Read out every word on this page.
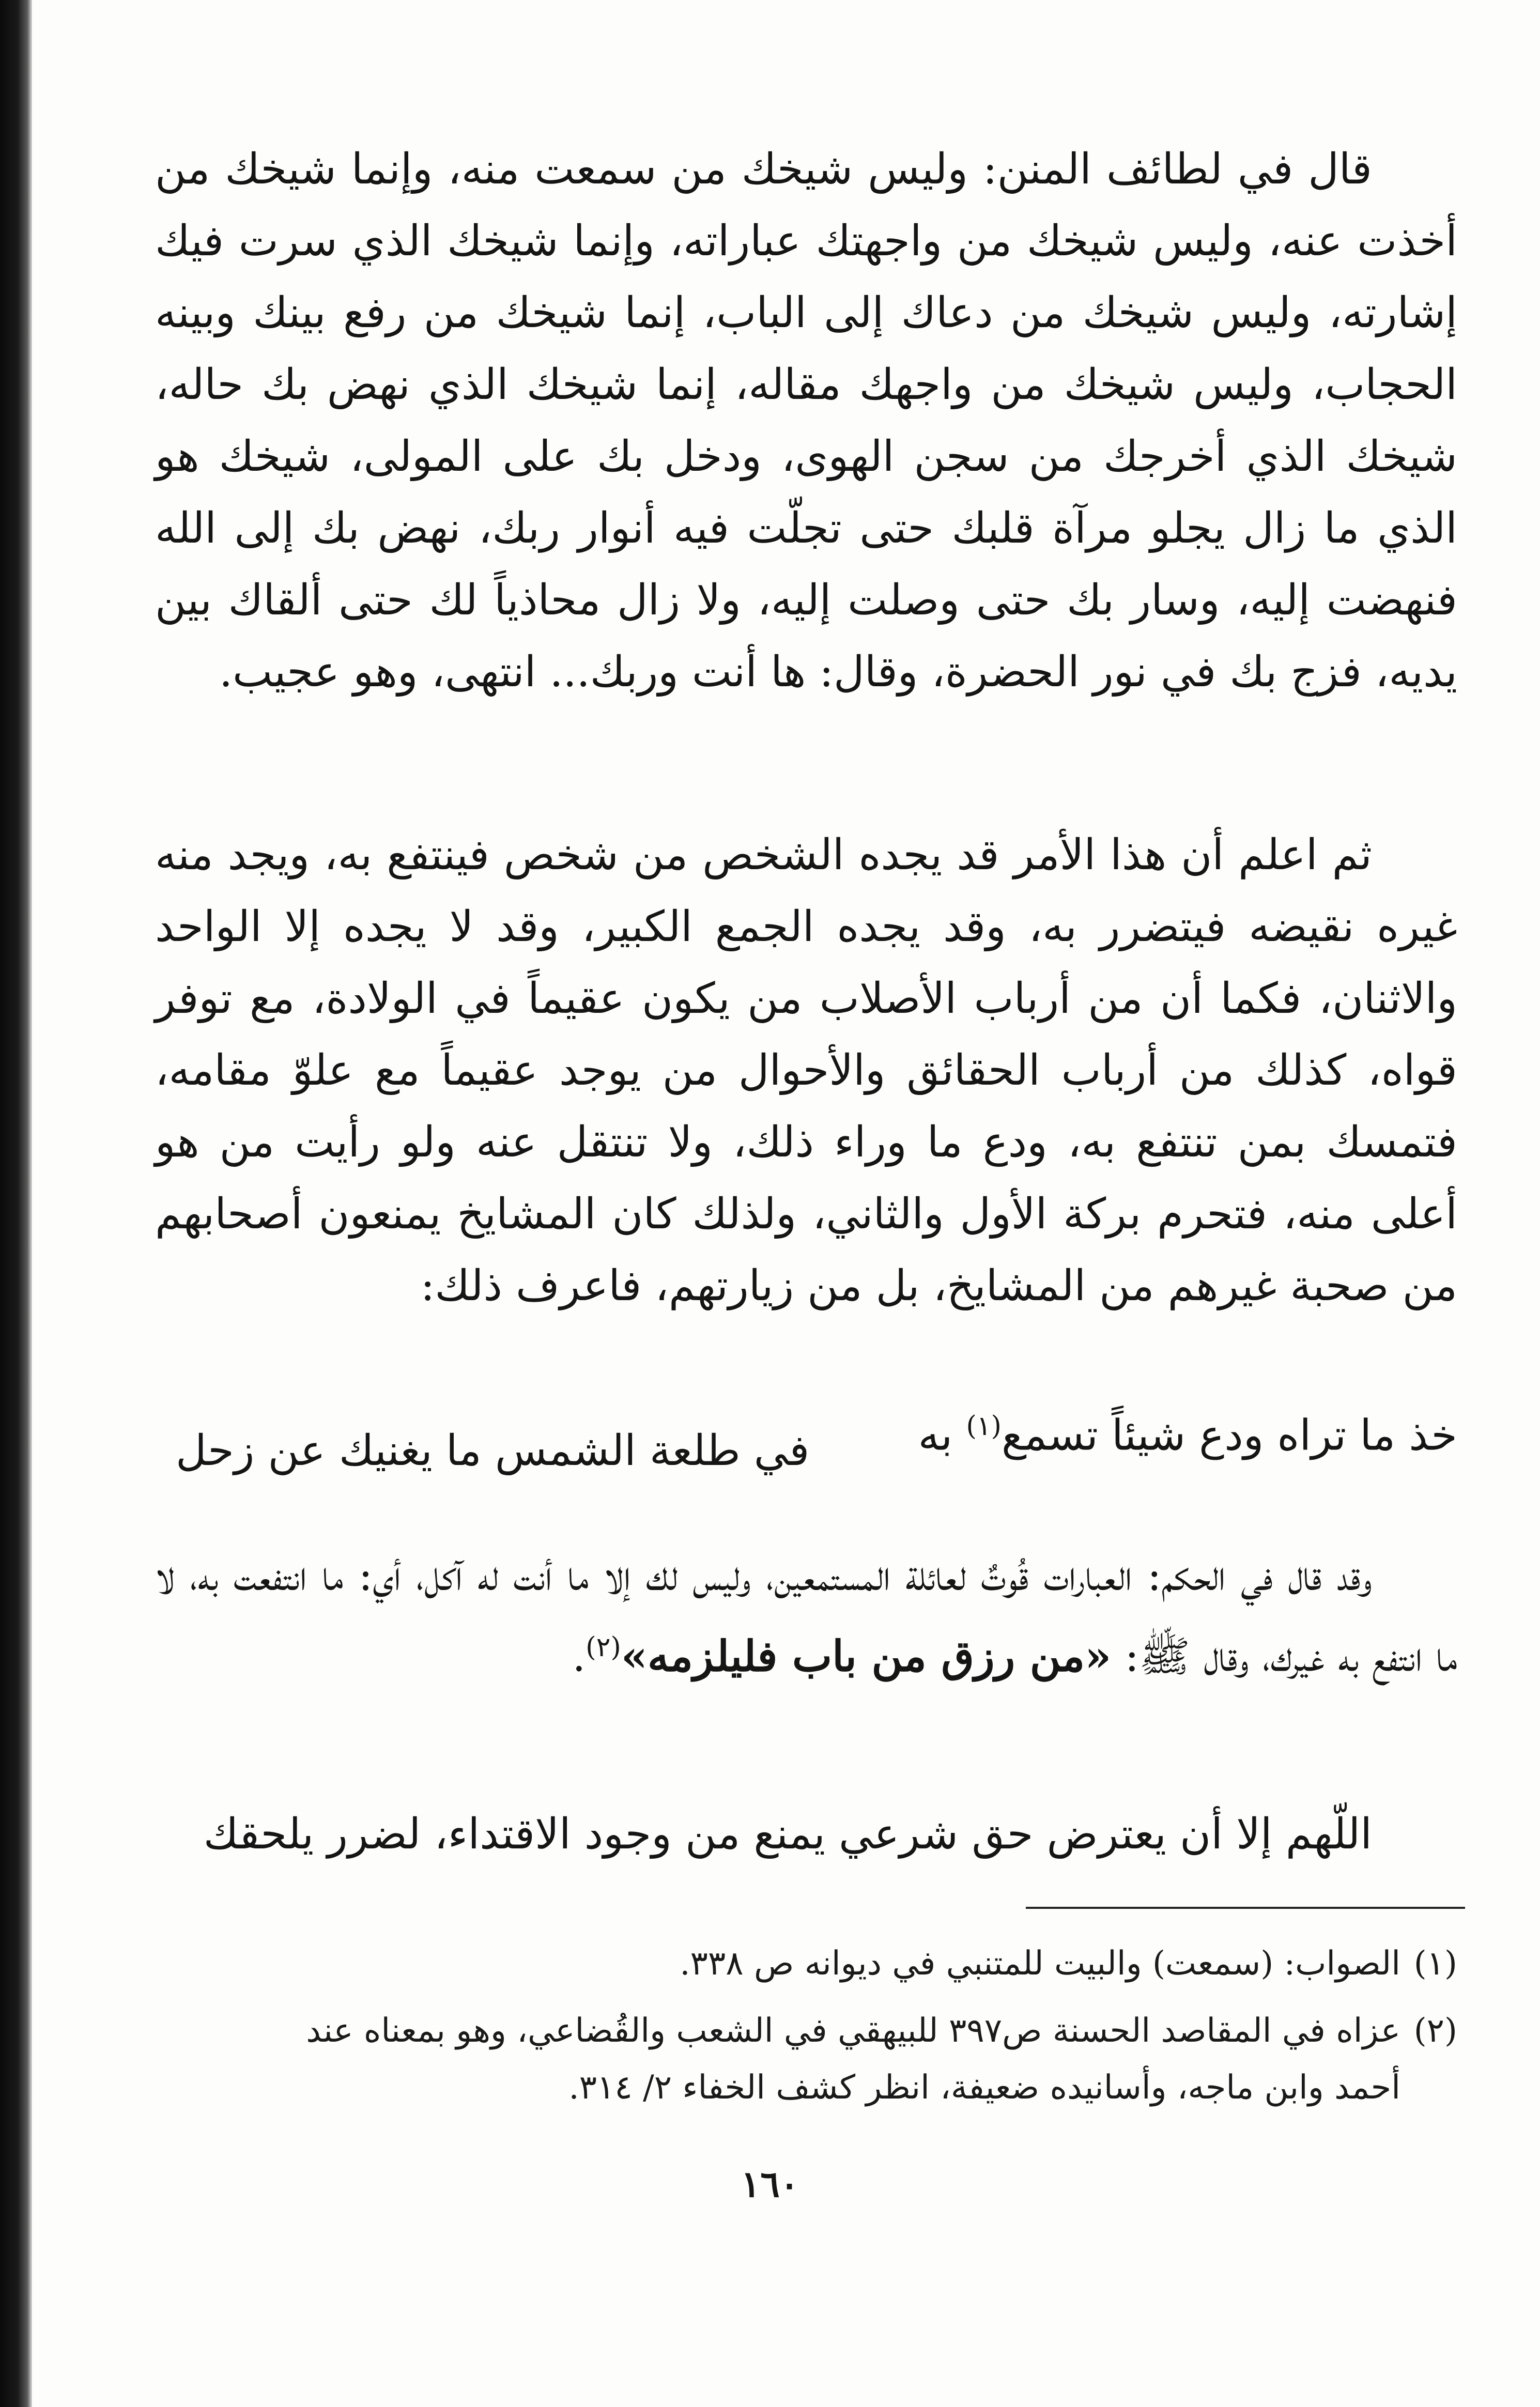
قال في لطائف المنن: وليس شيخك من سمعت منه، وإنما شيخك من أخذت عنه، وليس شيخك من واجهتك عباراته، وإنما شيخك الذي سرت فيك إشارته، وليس شيخك من دعاك إلى الباب، إنما شيخك من رفع بينك وبينه الحجاب، وليس شيخك من واجهك مقاله، إنما شيخك الذي نهض بك حاله، شيخك الذي أخرجك من سجن الهوى، ودخل بك على المولى، شيخك هو الذي ما زال يجلو مرآة قلبك حتى تجلّت فيه أنوار ربك، نهض بك إلى الله فنهضت إليه، وسار بك حتى وصلت إليه، ولا زال محاذياً لك حتى ألقاك بين يديه، فزج بك في نور الحضرة، وقال: ها أنت وربك... انتهى، وهو عجيب.

ثم اعلم أن هذا الأمر قد يجده الشخص من شخص فينتفع به، ويجد منه غيره نقيضه فيتضرر به، وقد يجده الجمع الكبير، وقد لا يجده إلا الواحد والاثنان، فكما أن من أرباب الأصلاب من يكون عقيماً في الولادة، مع توفر قواه، كذلك من أرباب الحقائق والأحوال من يوجد عقيماً مع علوّ مقامه، فتمسك بمن تنتفع به، ودع ما وراء ذلك، ولا تنتقل عنه ولو رأيت من هو أعلى منه، فتحرم بركة الأول والثاني، ولذلك كان المشايخ يمنعون أصحابهم من صحبة غيرهم من المشايخ، بل من زيارتهم، فاعرف ذلك:

خذ ما تراه ودع شيئاً تسمع$^{(١)}$ به
في طلعة الشمس ما يغنيك عن زحل

وقد قال في الحكم: العبارات قُوتٌ لعائلة المستمعين، وليس لك إلا ما أنت له آكل، أي: ما انتفعت به، لا ما انتفع به غيرك، وقال ﷺ: «من رزق من باب فليلزمه»$^{(٢)}$.

اللّهم إلا أن يعترض حق شرعي يمنع من وجود الاقتداء، لضرر يلحقك

(١)الصواب: (سمعت) والبيت للمتنبي في ديوانه ص ٣٣٨.

(٢)عزاه في المقاصد الحسنة ص٣٩٧ للبيهقي في الشعب والقُضاعي، وهو بمعناه عند

أحمد وابن ماجه، وأسانيده ضعيفة، انظر كشف الخفاء ٢/ ٣١٤.

١٦٠
